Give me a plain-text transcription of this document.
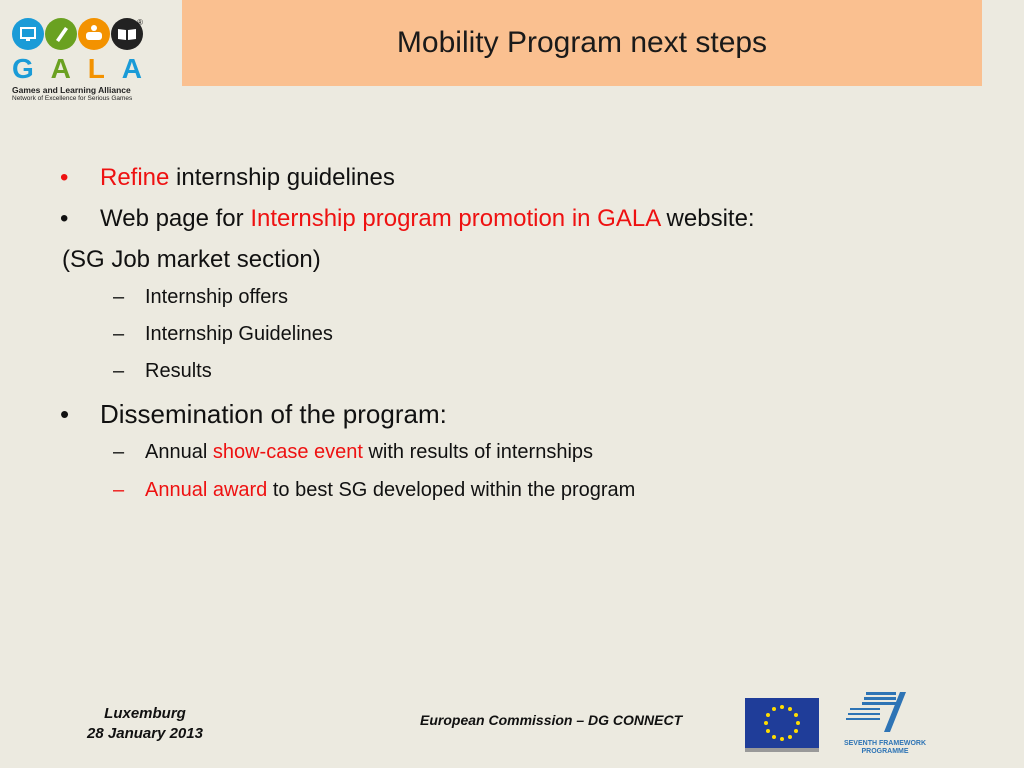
Mobility Program next steps
®
G A L A
Games and Learning Alliance
Network of Excellence for Serious Games
• Refine internship guidelines
• Web page for Internship program promotion in GALA website:
(SG Job market section)
– Internship offers
– Internship Guidelines
– Results
• Dissemination of the program:
– Annual show-case event with results of internships
– Annual award to best SG developed within the program
Luxemburg
28 January 2013
European Commission – DG CONNECT
SEVENTH FRAMEWORK
PROGRAMME
